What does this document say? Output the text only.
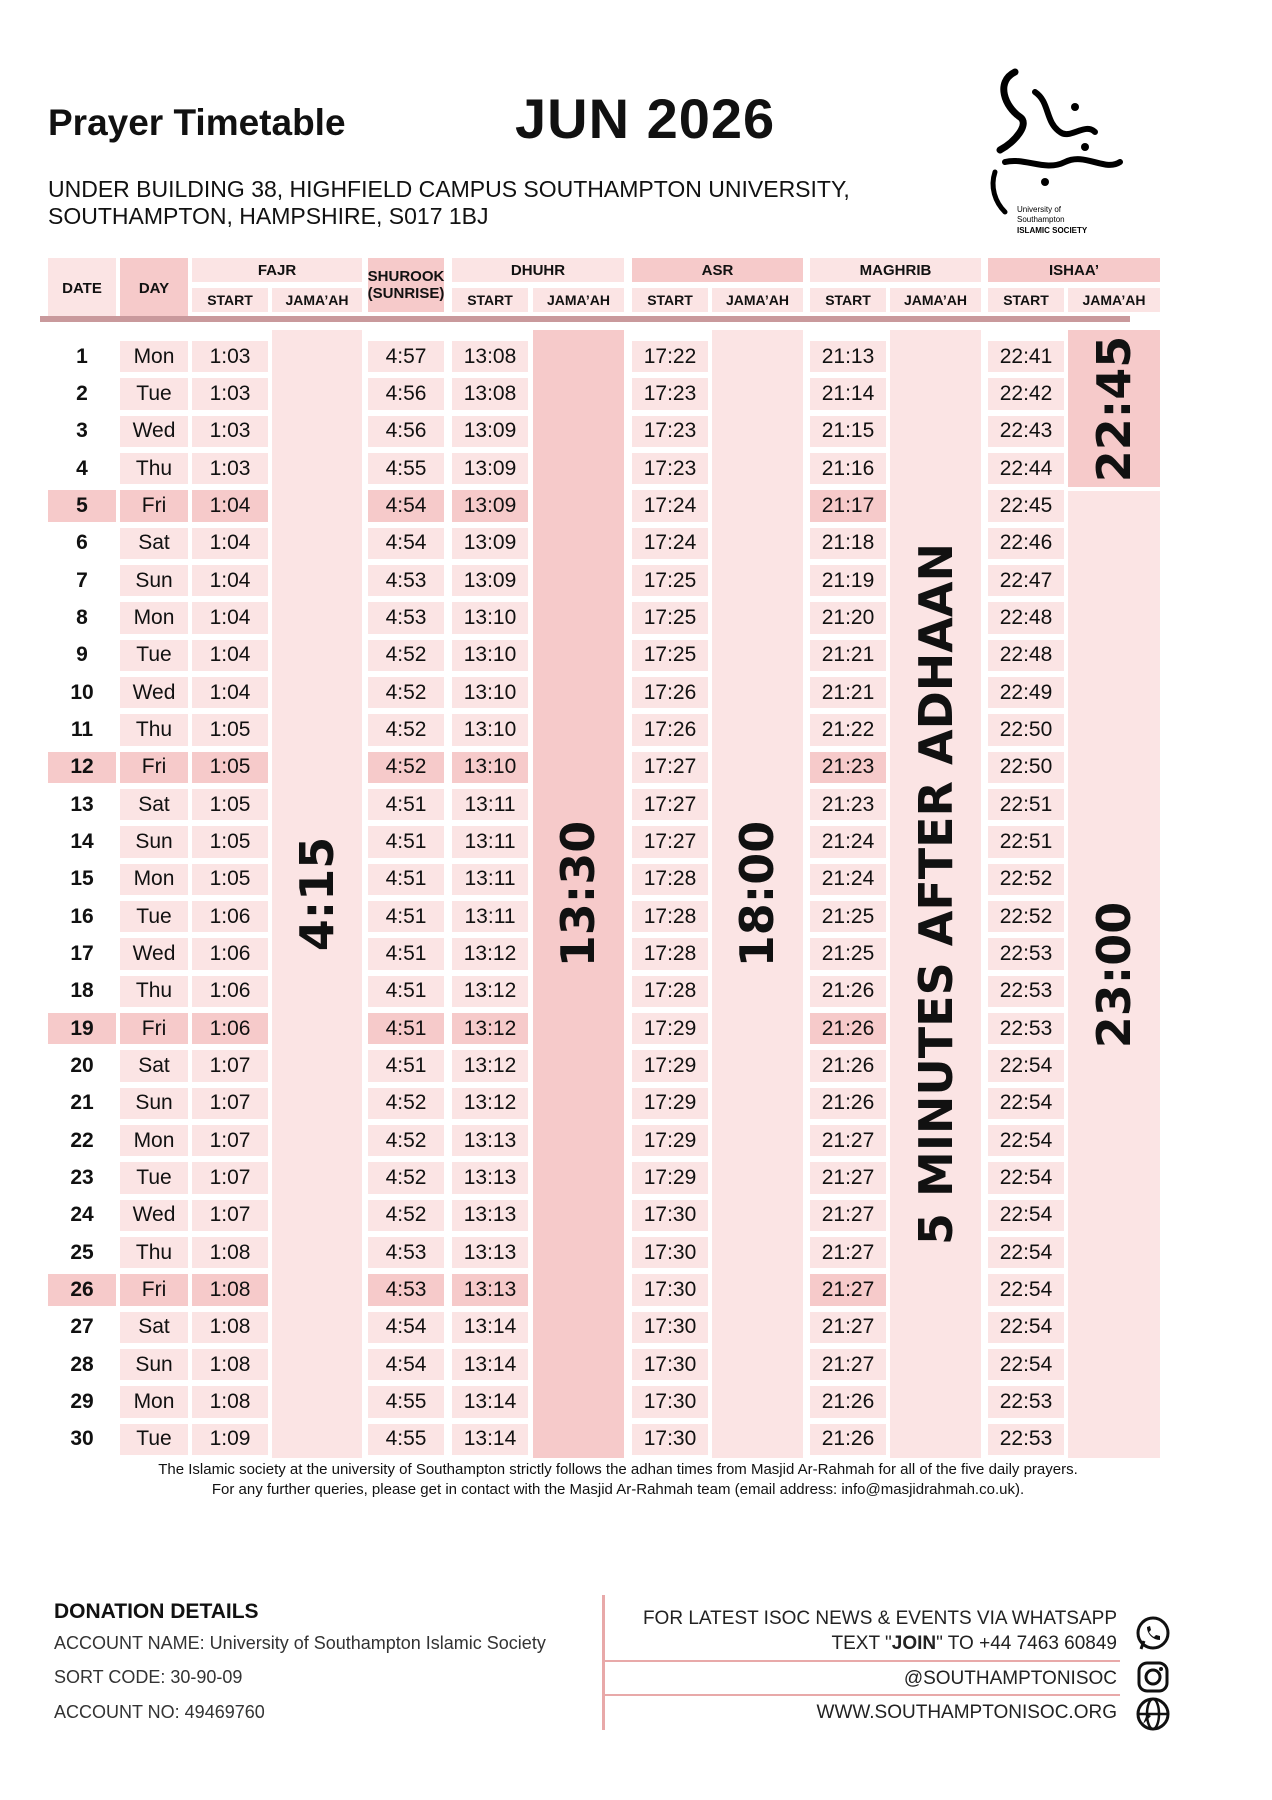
Prayer Timetable	JUN 2026
UNDER BUILDING 38, HIGHFIELD CAMPUS SOUTHAMPTON UNIVERSITY,
SOUTHAMPTON, HAMPSHIRE, S017 1BJ	University of
Southampton
ISLAMIC SOCIETY
DATE	DAY
FAJR
START	JAMA’AH
DHUHR
START	JAMA’AH
ASR
START	JAMA’AH
MAGHRIB
START	JAMA’AH
ISHAA’
START	JAMA’AH
SHUROOK
(SUNRISE)
4:15	13:30	18:00	5 MINUTES AFTER ADHAAN
22:45
23:00
1	Mon	1:03	4:57	13:08	17:22	21:13	22:41
2	Tue	1:03	4:56	13:08	17:23	21:14	22:42
3	Wed	1:03	4:56	13:09	17:23	21:15	22:43
4	Thu	1:03	4:55	13:09	17:23	21:16	22:44
5	Fri	1:04	4:54	13:09	17:24	21:17	22:45
6	Sat	1:04	4:54	13:09	17:24	21:18	22:46
7	Sun	1:04	4:53	13:09	17:25	21:19	22:47
8	Mon	1:04	4:53	13:10	17:25	21:20	22:48
9	Tue	1:04	4:52	13:10	17:25	21:21	22:48
10	Wed	1:04	4:52	13:10	17:26	21:21	22:49
11	Thu	1:05	4:52	13:10	17:26	21:22	22:50
12	Fri	1:05	4:52	13:10	17:27	21:23	22:50
13	Sat	1:05	4:51	13:11	17:27	21:23	22:51
14	Sun	1:05	4:51	13:11	17:27	21:24	22:51
15	Mon	1:05	4:51	13:11	17:28	21:24	22:52
16	Tue	1:06	4:51	13:11	17:28	21:25	22:52
17	Wed	1:06	4:51	13:12	17:28	21:25	22:53
18	Thu	1:06	4:51	13:12	17:28	21:26	22:53
19	Fri	1:06	4:51	13:12	17:29	21:26	22:53
20	Sat	1:07	4:51	13:12	17:29	21:26	22:54
21	Sun	1:07	4:52	13:12	17:29	21:26	22:54
22	Mon	1:07	4:52	13:13	17:29	21:27	22:54
23	Tue	1:07	4:52	13:13	17:29	21:27	22:54
24	Wed	1:07	4:52	13:13	17:30	21:27	22:54
25	Thu	1:08	4:53	13:13	17:30	21:27	22:54
26	Fri	1:08	4:53	13:13	17:30	21:27	22:54
27	Sat	1:08	4:54	13:14	17:30	21:27	22:54
28	Sun	1:08	4:54	13:14	17:30	21:27	22:54
29	Mon	1:08	4:55	13:14	17:30	21:26	22:53
30	Tue	1:09	4:55	13:14	17:30	21:26	22:53
The Islamic society at the university of Southampton strictly follows the adhan times from Masjid Ar-Rahmah for all of the five daily prayers.
For any further queries, please get in contact with the Masjid Ar-Rahmah team (email address: info@masjidrahmah.co.uk).
DONATION DETAILS
ACCOUNT NAME: University of Southampton Islamic Society
SORT CODE: 30-90-09
ACCOUNT NO: 49469760
FOR LATEST ISOC NEWS & EVENTS VIA WHATSAPP
TEXT "JOIN" TO +44 7463 60849
@SOUTHAMPTONISOC
WWW.SOUTHAMPTONISOC.ORG
